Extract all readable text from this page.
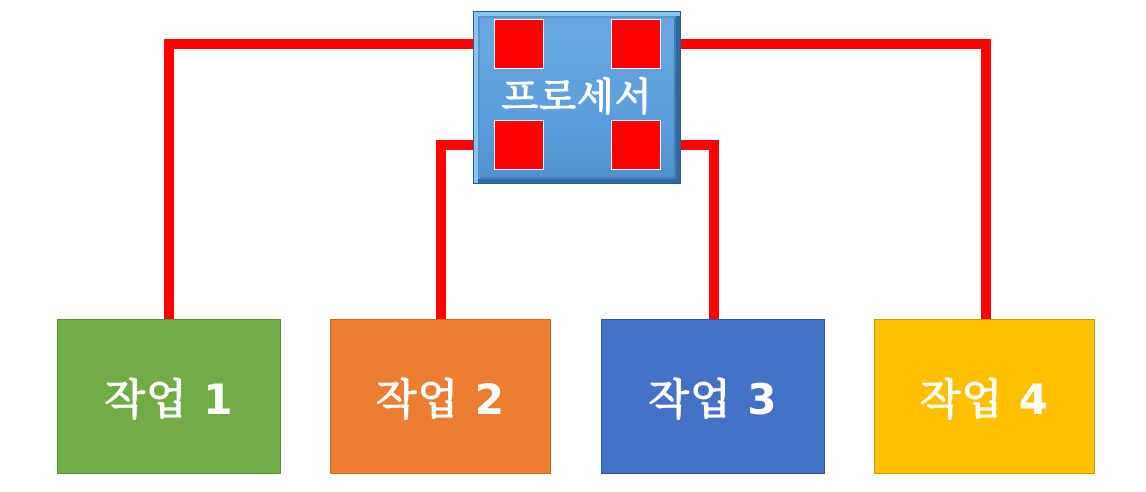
프로세서
작업 1	작업 2	작업 3	작업 4
